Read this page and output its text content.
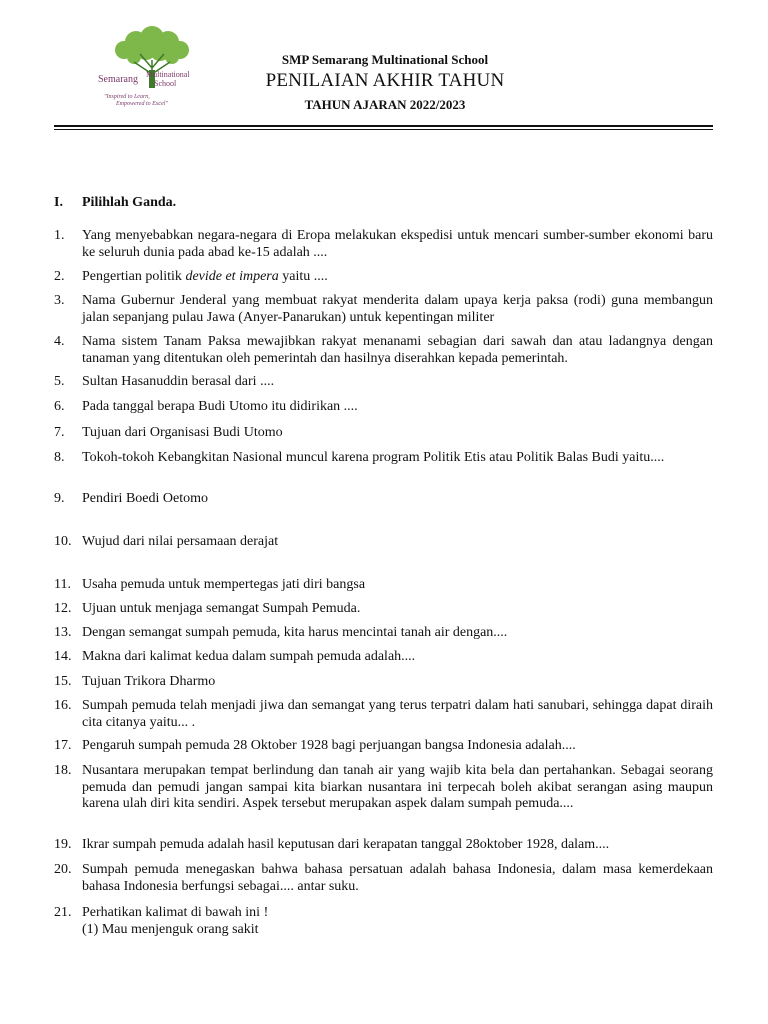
Semarang Multinational
School
"Inspired to Learn,
Empowered to Excel"
SMP Semarang Multinational School
PENILAIAN AKHIR TAHUN
TAHUN AJARAN 2022/2023
I. Pilihlah Ganda.
1. Yang menyebabkan negara-negara di Eropa melakukan ekspedisi untuk mencari sumber-sumber ekonomi baru ke seluruh dunia pada abad ke-15 adalah ....
2. Pengertian politik devide et impera yaitu ....
3. Nama Gubernur Jenderal yang membuat rakyat menderita dalam upaya kerja paksa (rodi) guna membangun jalan sepanjang pulau Jawa (Anyer-Panarukan) untuk kepentingan militer
4. Nama sistem Tanam Paksa mewajibkan rakyat menanami sebagian dari sawah dan atau ladangnya dengan tanaman yang ditentukan oleh pemerintah dan hasilnya diserahkan kepada pemerintah.
5. Sultan Hasanuddin berasal dari ....
6. Pada tanggal berapa Budi Utomo itu didirikan ....
7. Tujuan dari Organisasi Budi Utomo
8. Tokoh-tokoh Kebangkitan Nasional muncul karena program Politik Etis atau Politik Balas Budi yaitu....
9. Pendiri Boedi Oetomo
10. Wujud dari nilai persamaan derajat
11. Usaha pemuda untuk mempertegas jati diri bangsa
12. Ujuan untuk menjaga semangat Sumpah Pemuda.
13. Dengan semangat sumpah pemuda, kita harus mencintai tanah air dengan....
14. Makna dari kalimat kedua dalam sumpah pemuda adalah....
15. Tujuan Trikora Dharmo
16. Sumpah pemuda telah menjadi jiwa dan semangat yang terus terpatri dalam hati sanubari, sehingga dapat diraih cita citanya yaitu... .
17. Pengaruh sumpah pemuda 28 Oktober 1928 bagi perjuangan bangsa Indonesia adalah....
18. Nusantara merupakan tempat berlindung dan tanah air yang wajib kita bela dan pertahankan. Sebagai seorang pemuda dan pemudi jangan sampai kita biarkan nusantara ini terpecah boleh akibat serangan asing maupun karena ulah diri kita sendiri. Aspek tersebut merupakan aspek dalam sumpah pemuda....
19. Ikrar sumpah pemuda adalah hasil keputusan dari kerapatan tanggal 28oktober 1928, dalam....
20. Sumpah pemuda menegaskan bahwa bahasa persatuan adalah bahasa Indonesia, dalam masa kemerdekaan bahasa Indonesia berfungsi sebagai.... antar suku.
21. Perhatikan kalimat di bawah ini !
(1) Mau menjenguk orang sakit
